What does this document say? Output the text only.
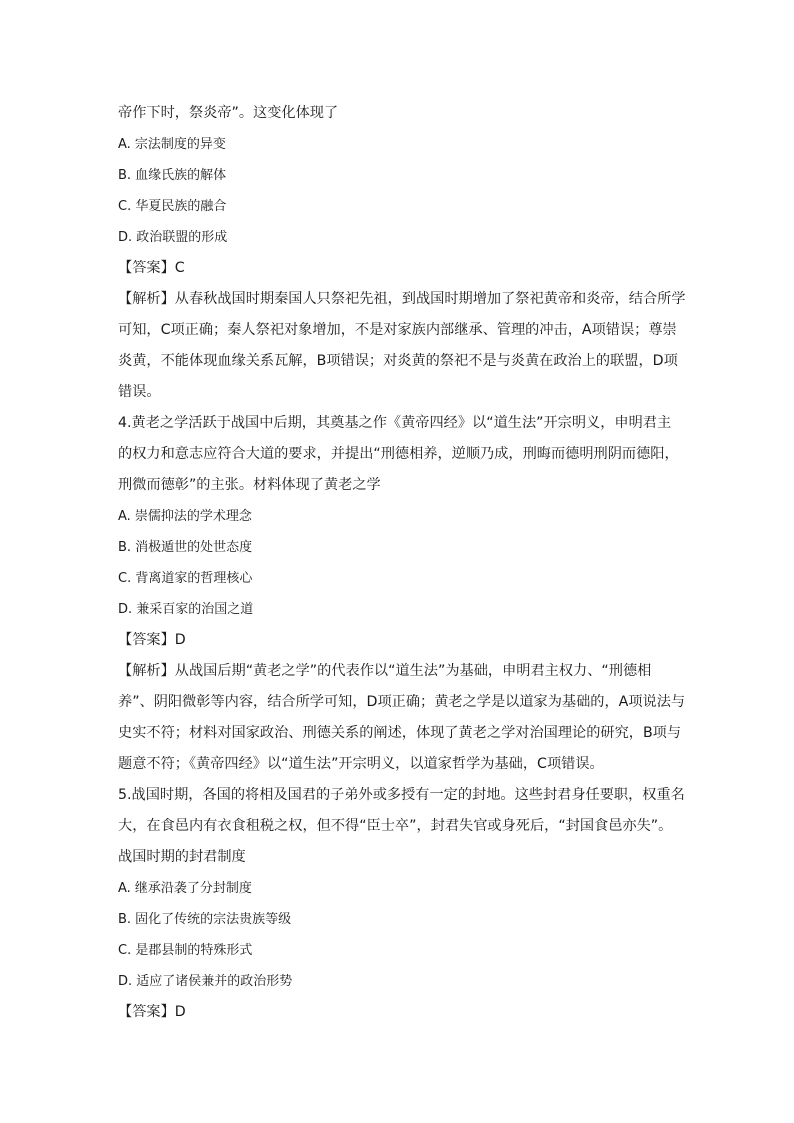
帝作下时，祭炎帝”。这变化体现了
A. 宗法制度的异变
B. 血缘氏族的解体
C. 华夏民族的融合
D. 政治联盟的形成
【答案】C
【解析】从春秋战国时期秦国人只祭祀先祖，到战国时期增加了祭祀黄帝和炎帝，结合所学
可知，C项正确；秦人祭祀对象增加，不是对家族内部继承、管理的冲击，A项错误；尊崇
炎黄，不能体现血缘关系瓦解，B项错误；对炎黄的祭祀不是与炎黄在政治上的联盟，D项
错误。
4.黄老之学活跃于战国中后期，其奠基之作《黄帝四经》以“道生法”开宗明义，申明君主
的权力和意志应符合大道的要求，并提出“刑德相养，逆顺乃成，刑晦而德明刑阴而德阳，
刑微而德彰”的主张。材料体现了黄老之学
A. 崇儒抑法的学术理念
B. 消极遁世的处世态度
C. 背离道家的哲理核心
D. 兼采百家的治国之道
【答案】D
【解析】从战国后期“黄老之学”的代表作以“道生法”为基础，申明君主权力、“刑德相
养”、阴阳微彰等内容，结合所学可知，D项正确；黄老之学是以道家为基础的，A项说法与
史实不符；材料对国家政治、刑德关系的阐述，体现了黄老之学对治国理论的研究，B项与
题意不符；《黄帝四经》以“道生法”开宗明义，以道家哲学为基础，C项错误。
5.战国时期，各国的将相及国君的子弟外或多授有一定的封地。这些封君身任要职，权重名
大，在食邑内有衣食租税之权，但不得“臣士卒”，封君失官或身死后，“封国食邑亦失”。
战国时期的封君制度
A. 继承沿袭了分封制度
B. 固化了传统的宗法贵族等级
C. 是郡县制的特殊形式
D. 适应了诸侯兼并的政治形势
【答案】D
